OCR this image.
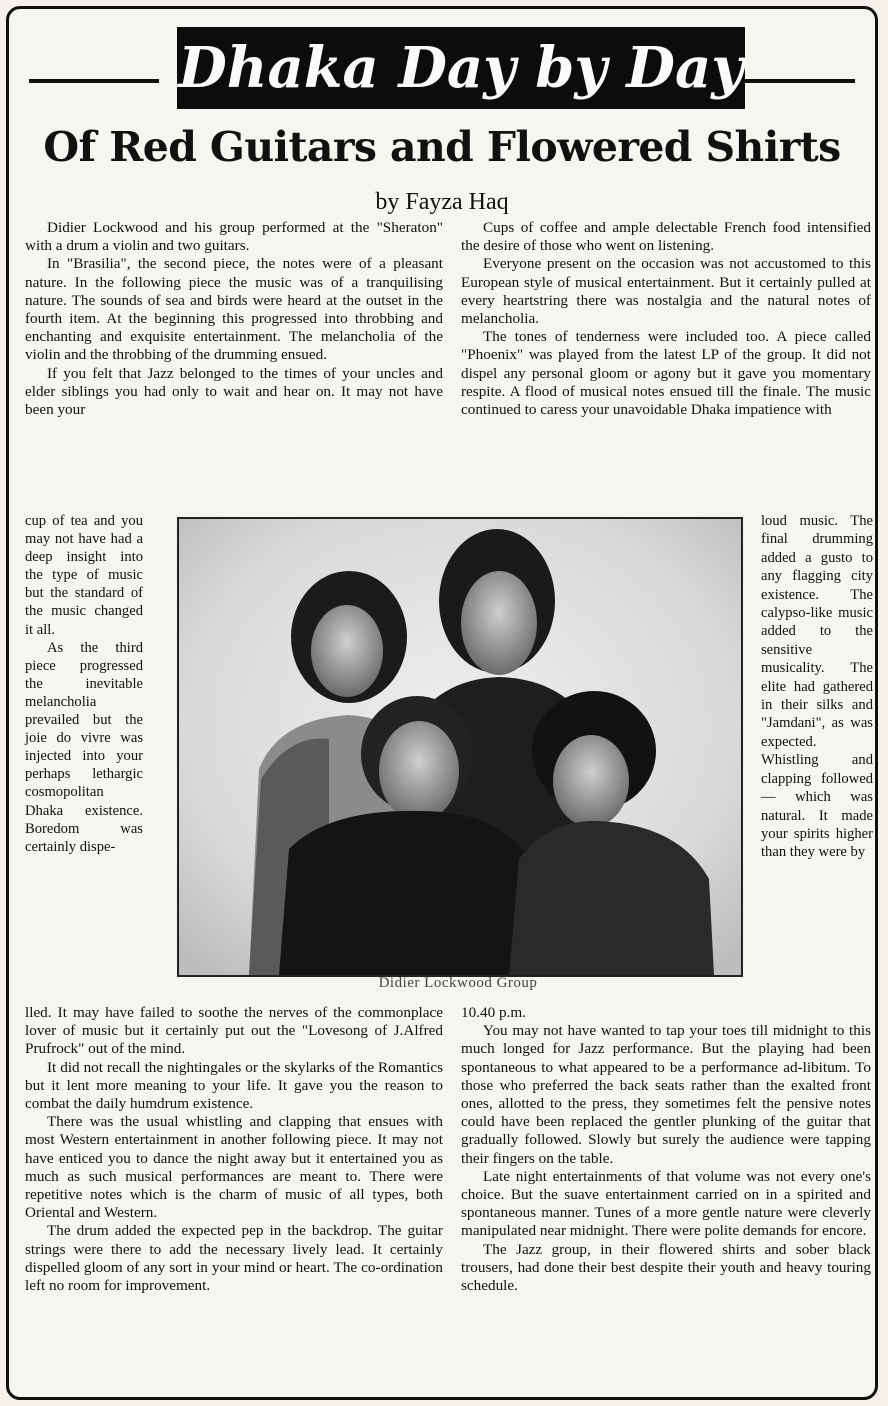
Dhaka Day by Day
Of Red Guitars and Flowered Shirts
by Fayza Haq

Didier Lockwood and his group performed at the "Sheraton" with a drum a violin and two guitars.

In "Brasilia", the second piece, the notes were of a pleasant nature. In the following piece the music was of a tranquilising nature. The sounds of sea and birds were heard at the outset in the fourth item. At the beginning this progressed into throbbing and enchanting and exquisite entertainment. The melancholia of the violin and the throbbing of the drumming ensued.

If you felt that Jazz belonged to the times of your uncles and elder siblings you had only to wait and hear on. It may not have been your

cup of tea and you may not have had a deep insight into the type of music but the standard of the music changed it all.

As the third piece progressed the inevitable melancholia prevailed but the joie do vivre was injected into your perhaps lethargic cosmopolitan Dhaka existence. Boredom was certainly dispe-

lled. It may have failed to soothe the nerves of the commonplace lover of music but it certainly put out the "Lovesong of J.Alfred Prufrock" out of the mind.

It did not recall the nightingales or the skylarks of the Romantics but it lent more meaning to your life. It gave you the reason to combat the daily humdrum existence.

There was the usual whistling and clapping that ensues with most Western entertainment in another following piece. It may not have enticed you to dance the night away but it entertained you as much as such musical performances are meant to. There were repetitive notes which is the charm of music of all types, both Oriental and Western.

The drum added the expected pep in the backdrop. The guitar strings were there to add the necessary lively lead. It certainly dispelled gloom of any sort in your mind or heart. The co-ordination left no room for improvement.

Cups of coffee and ample delectable French food intensified the desire of those who went on listening.

Everyone present on the occasion was not accustomed to this European style of musical entertainment. But it certainly pulled at every heartstring there was nostalgia and the natural notes of melancholia.

The tones of tenderness were included too. A piece called "Phoenix" was played from the latest LP of the group. It did not dispel any personal gloom or agony but it gave you momentary respite. A flood of musical notes ensued till the finale. The music continued to caress your unavoidable Dhaka impatience with

loud music. The final drumming added a gusto to any flagging city existence. The calypso-like music added to the sensitive musicality. The elite had gathered in their silks and "Jamdani", as was expected. Whistling and clapping followed — which was natural. It made your spirits higher than they were by

10.40 p.m.

You may not have wanted to tap your toes till midnight to this much longed for Jazz performance. But the playing had been spontaneous to what appeared to be a performance ad-libitum. To those who preferred the back seats rather than the exalted front ones, allotted to the press, they sometimes felt the pensive notes could have been replaced the gentler plunking of the guitar that gradually followed. Slowly but surely the audience were tapping their fingers on the table.

Late night entertainments of that volume was not every one's choice. But the suave entertainment carried on in a spirited and spontaneous manner. Tunes of a more gentle nature were cleverly manipulated near midnight. There were polite demands for encore.

The Jazz group, in their flowered shirts and sober black trousers, had done their best despite their youth and heavy touring schedule.

Didier Lockwood Group
